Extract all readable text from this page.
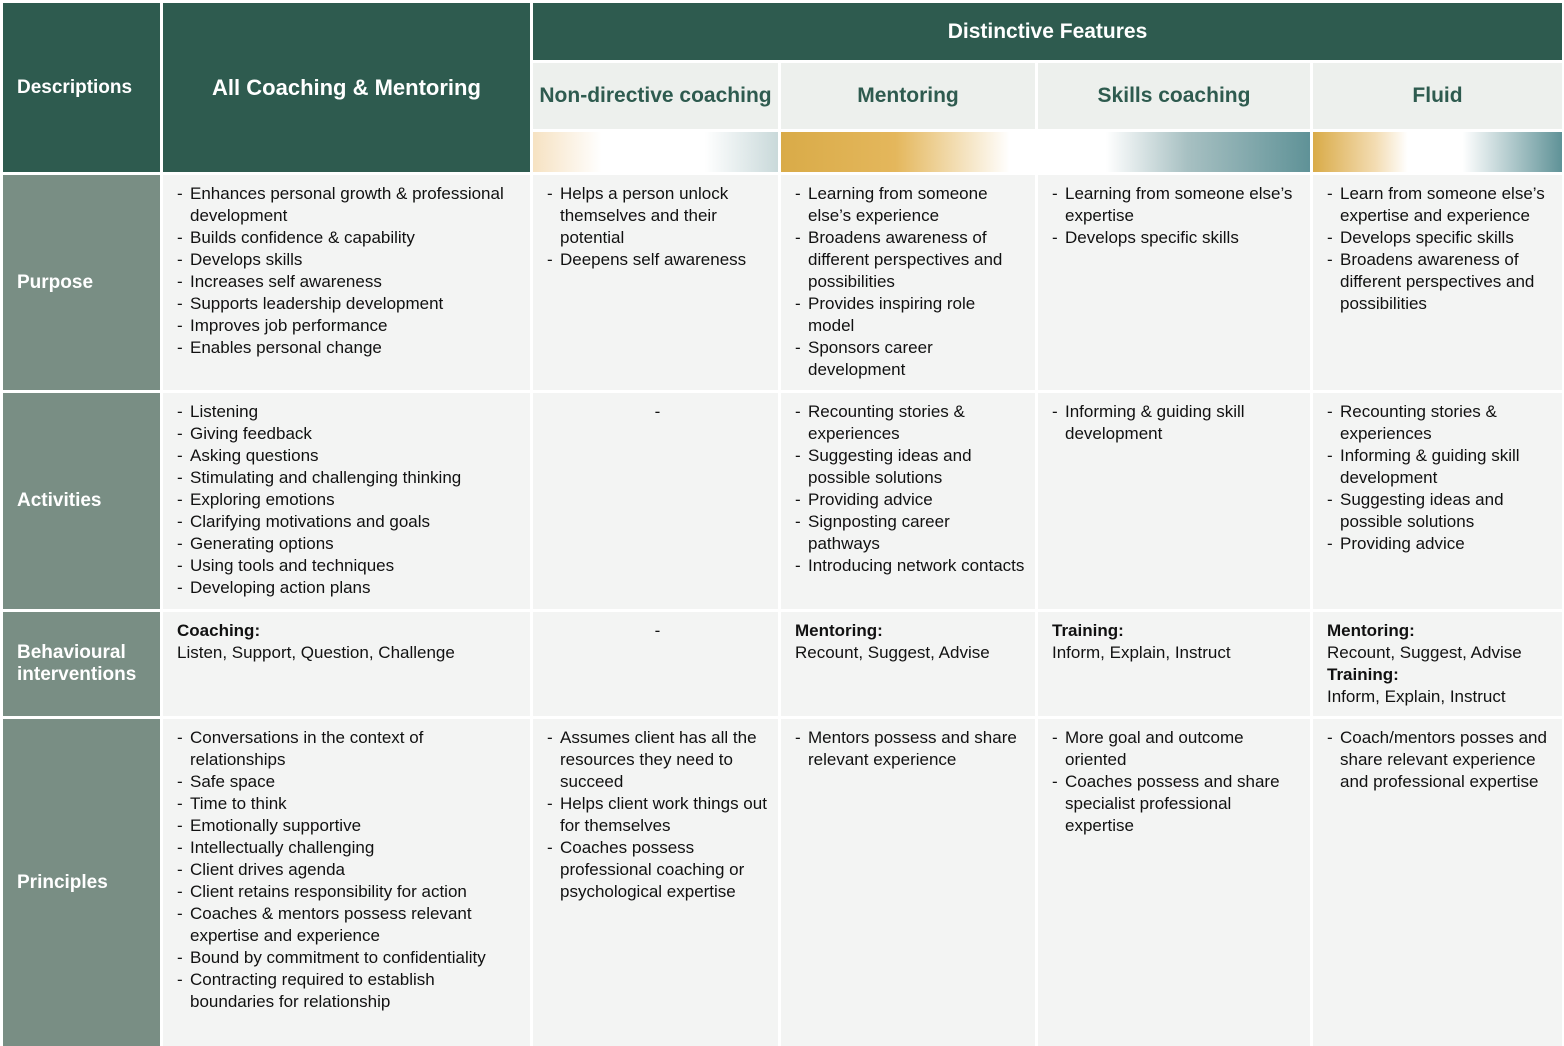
Descriptions	All Coaching & Mentoring
Distinctive Features
Non-directive coaching	Mentoring	Skills coaching	Fluid
Purpose
- Enhances personal growth & professional development
- Builds confidence & capability
- Develops skills
- Increases self awareness
- Supports leadership development
- Improves job performance
- Enables personal change
- Helps a person unlock themselves and their potential
- Deepens self awareness
- Learning from someone else’s experience
- Broadens awareness of different perspectives and possibilities
- Provides inspiring role model
- Sponsors career development
- Learning from someone else’s expertise
- Develops specific skills
- Learn from someone else’s expertise and experience
- Develops specific skills
- Broadens awareness of different perspectives and possibilities
Activities
- Listening
- Giving feedback
- Asking questions
- Stimulating and challenging thinking
- Exploring emotions
- Clarifying motivations and goals
- Generating options
- Using tools and techniques
- Developing action plans
-
-	Recounting stories & experiences
- Suggesting ideas and possible solutions
- Providing advice
- Signposting career pathways
- Introducing network contacts
- Informing & guiding skill development
- Recounting stories & experiences
- Informing & guiding skill development
- Suggesting ideas and possible solutions
- Providing advice
Behavioural interventions
Coaching:
Listen, Support, Question, Challenge
-	Mentoring:
Recount, Suggest, Advise
Training:
Inform, Explain, Instruct
Mentoring:
Recount, Suggest, Advise
Training:
Inform, Explain, Instruct
Principles
- Conversations in the context of relationships
- Safe space
- Time to think
- Emotionally supportive
- Intellectually challenging
- Client drives agenda
- Client retains responsibility for action
- Coaches & mentors possess relevant expertise and experience
- Bound by commitment to confidentiality
- Contracting required to establish boundaries for relationship
- Assumes client has all the resources they need to succeed
- Helps client work things out for themselves
- Coaches possess professional coaching or psychological expertise
- Mentors possess and share relevant experience
- More goal and outcome oriented
- Coaches possess and share specialist professional expertise
- Coach/mentors posses and share relevant experience and professional expertise
